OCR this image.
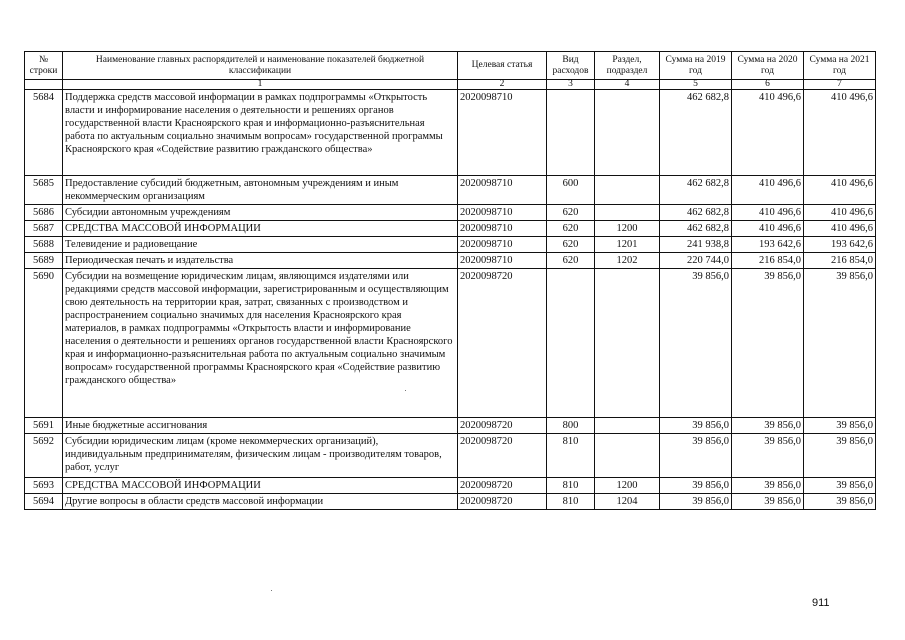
№ строки	Наименование главных распорядителей и наименование показателей бюджетной классификации	Целевая статья	Вид расходов	Раздел, подраздел	Сумма на 2019 год	Сумма на 2020 год	Сумма на 2021 год
	1	2	3	4	5	6	7
5684	Поддержка средств массовой информации в рамках подпрограммы «Открытость власти и информирование населения о деятельности и решениях органов государственной власти Красноярского края и информационно-разъяснительная работа по актуальным социально значимым вопросам» государственной программы Красноярского края «Содействие развитию гражданского общества»	2020098710			462 682,8	410 496,6	410 496,6
5685	Предоставление субсидий бюджетным, автономным учреждениям и иным некоммерческим организациям	2020098710	600		462 682,8	410 496,6	410 496,6
5686	Субсидии автономным учреждениям	2020098710	620		462 682,8	410 496,6	410 496,6
5687	СРЕДСТВА МАССОВОЙ ИНФОРМАЦИИ	2020098710	620	1200	462 682,8	410 496,6	410 496,6
5688	Телевидение и радиовещание	2020098710	620	1201	241 938,8	193 642,6	193 642,6
5689	Периодическая печать и издательства	2020098710	620	1202	220 744,0	216 854,0	216 854,0
5690	Субсидии на возмещение юридическим лицам, являющимся издателями или редакциями средств массовой информации, зарегистрированным и осуществляющим свою деятельность на территории края, затрат, связанных с производством и распространением социально значимых для населения Красноярского края материалов, в рамках подпрограммы «Открытость власти и информирование населения о деятельности и решениях органов государственной власти Красноярского края и информационно-разъяснительная работа по актуальным социально значимым вопросам» государственной программы Красноярского края «Содействие развитию гражданского общества»	2020098720			39 856,0	39 856,0	39 856,0
5691	Иные бюджетные ассигнования	2020098720	800		39 856,0	39 856,0	39 856,0
5692	Субсидии юридическим лицам (кроме некоммерческих организаций), индивидуальным предпринимателям, физическим лицам - производителям товаров, работ, услуг	2020098720	810		39 856,0	39 856,0	39 856,0
5693	СРЕДСТВА МАССОВОЙ ИНФОРМАЦИИ	2020098720	810	1200	39 856,0	39 856,0	39 856,0
5694	Другие вопросы в области средств массовой информации	2020098720	810	1204	39 856,0	39 856,0	39 856,0
911
